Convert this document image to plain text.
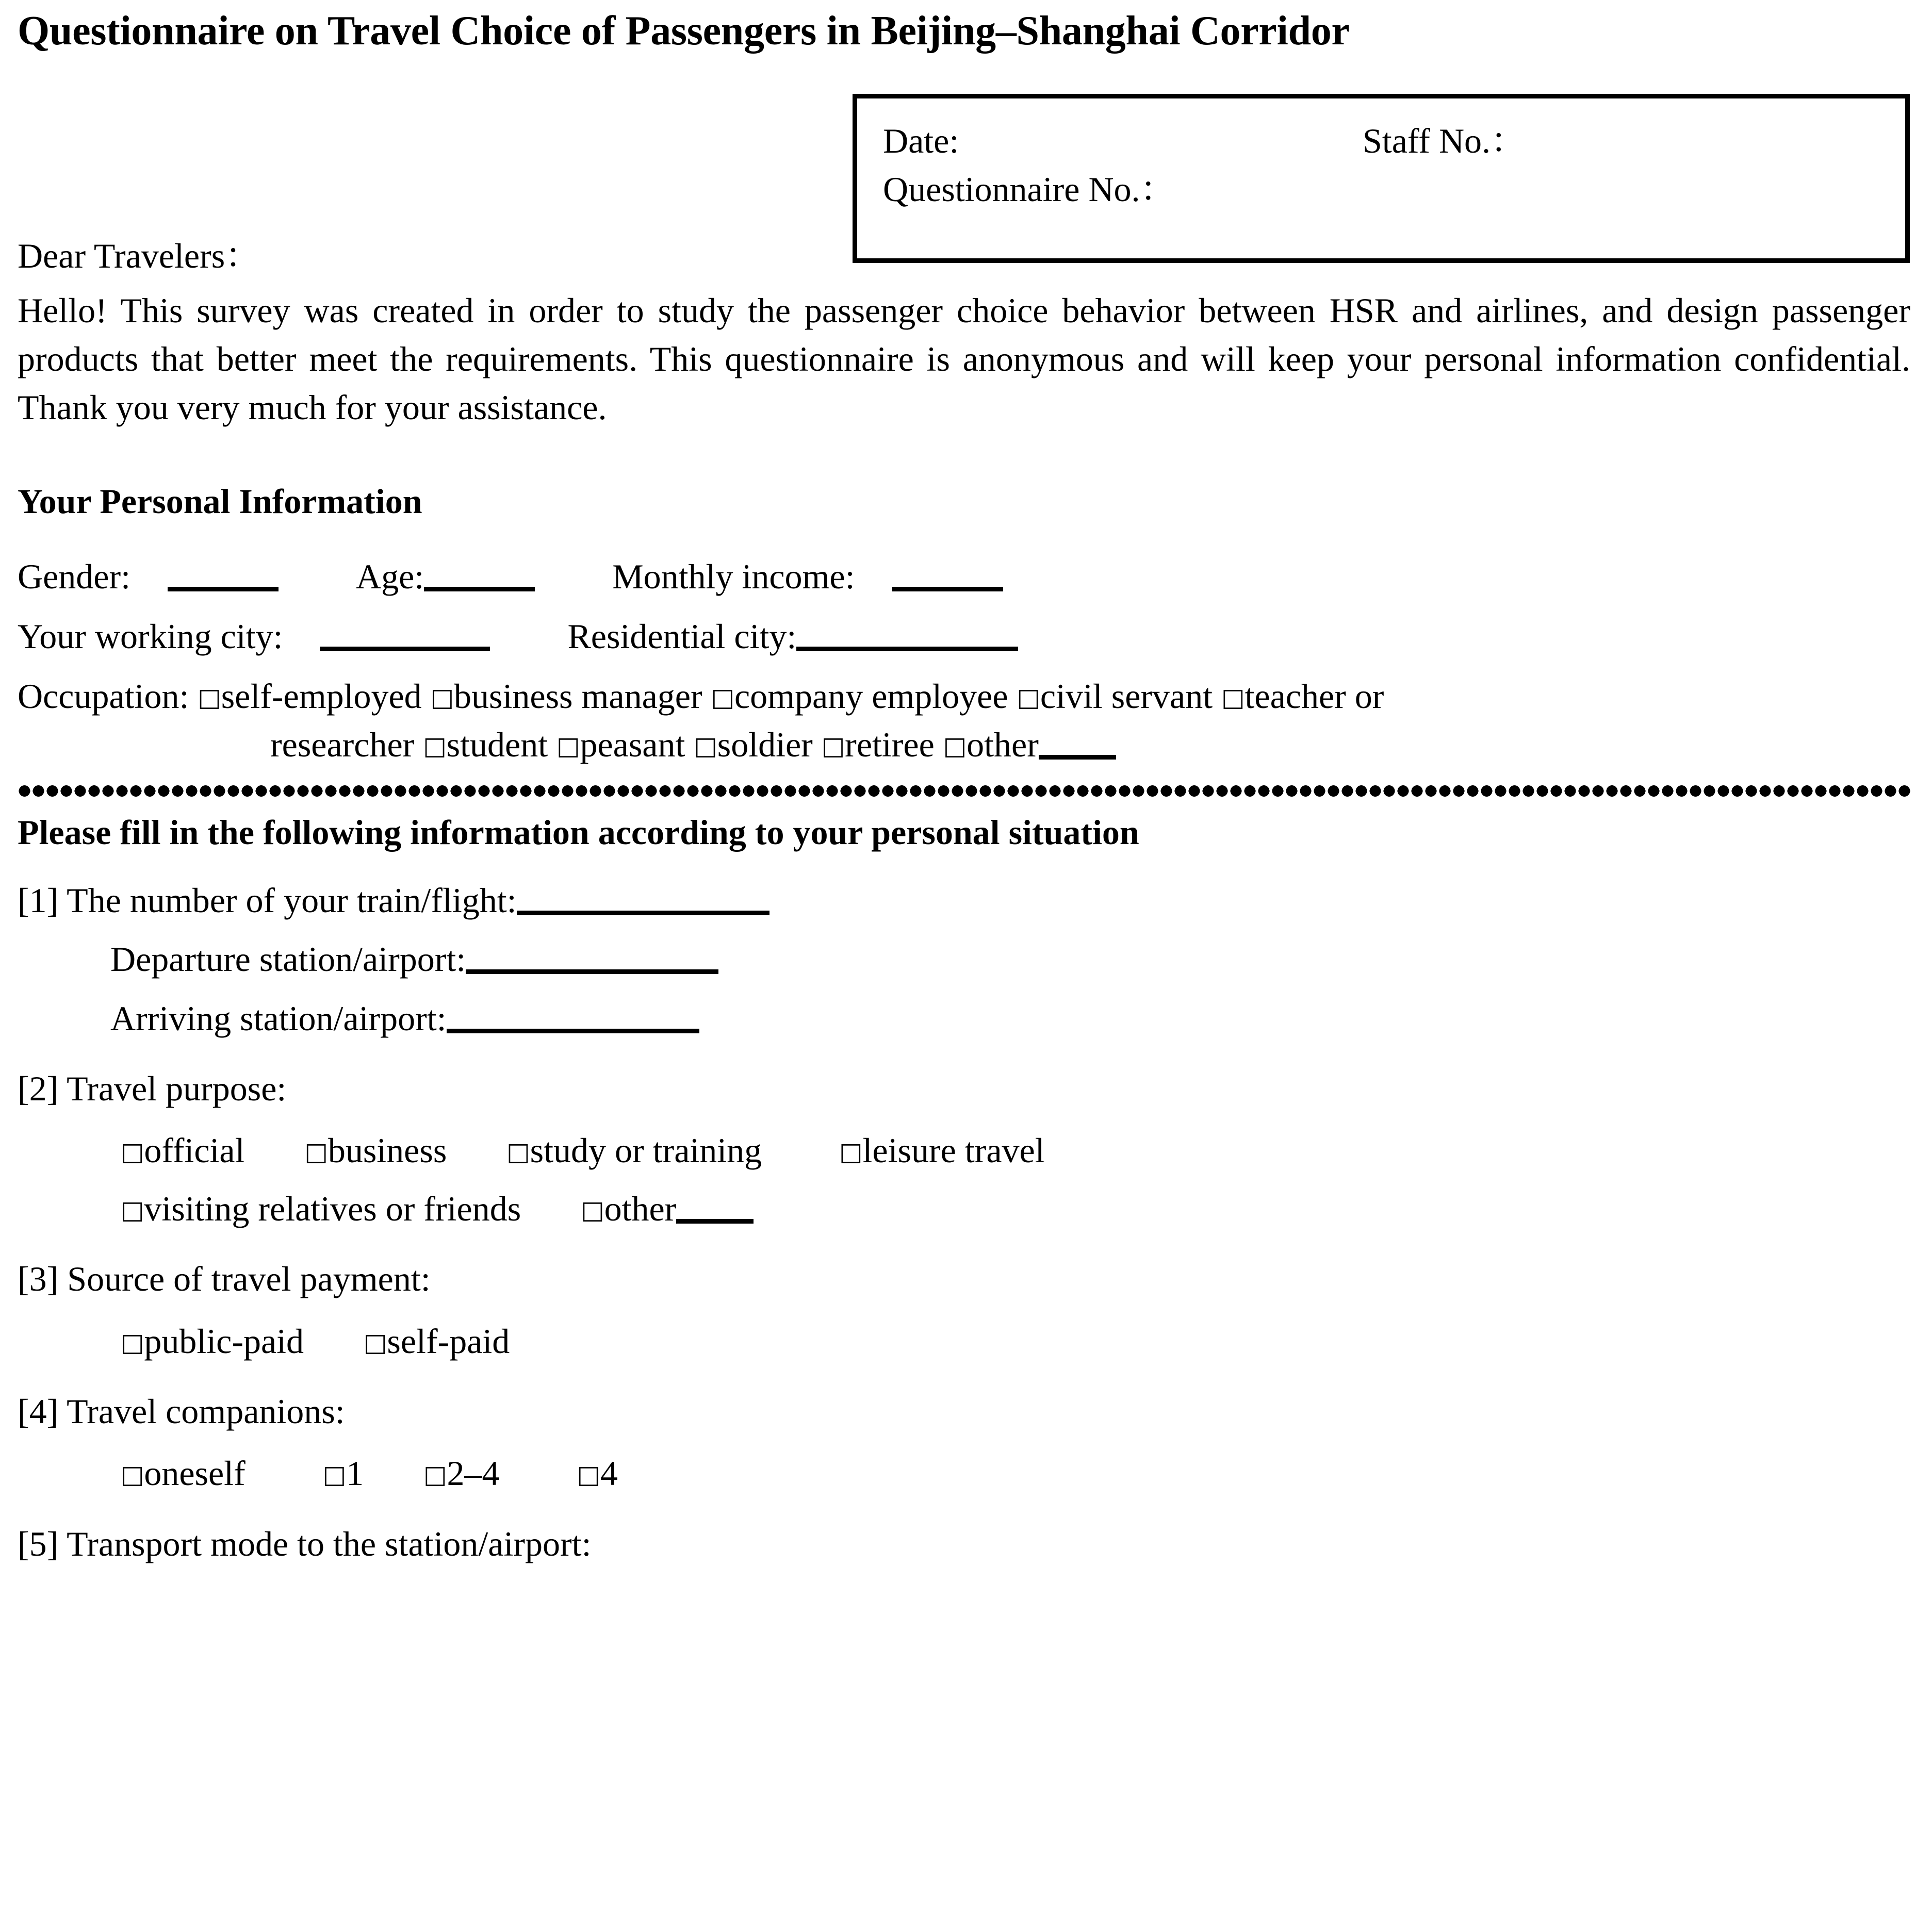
Questionnaire on Travel Choice of Passengers in Beijing–Shanghai Corridor
Date:	Staff No.：
Questionnaire No.：
Dear Travelers：
Hello! This survey was created in order to study the passenger choice behavior between HSR and airlines, and design passenger products that better meet the requirements. This questionnaire is anonymous and will keep your personal information confidential. Thank you very much for your assistance.
Your Personal Information
Gender:	Age:	Monthly income:
Your working city:	Residential city:
Occupation: □self-employed □business manager □company employee □civil servant □teacher or
researcher □student □peasant □soldier □retiree □other
Please fill in the following information according to your personal situation
[1] The number of your train/flight:
Departure station/airport:
Arriving station/airport:
[2] Travel purpose:
□official □business □study or training	□leisure travel
□visiting relatives or friends □other
[3] Source of travel payment:
□public-paid □self-paid
[4] Travel companions:
□oneself	□1 □2–4	□4
[5] Transport mode to the station/airport:
